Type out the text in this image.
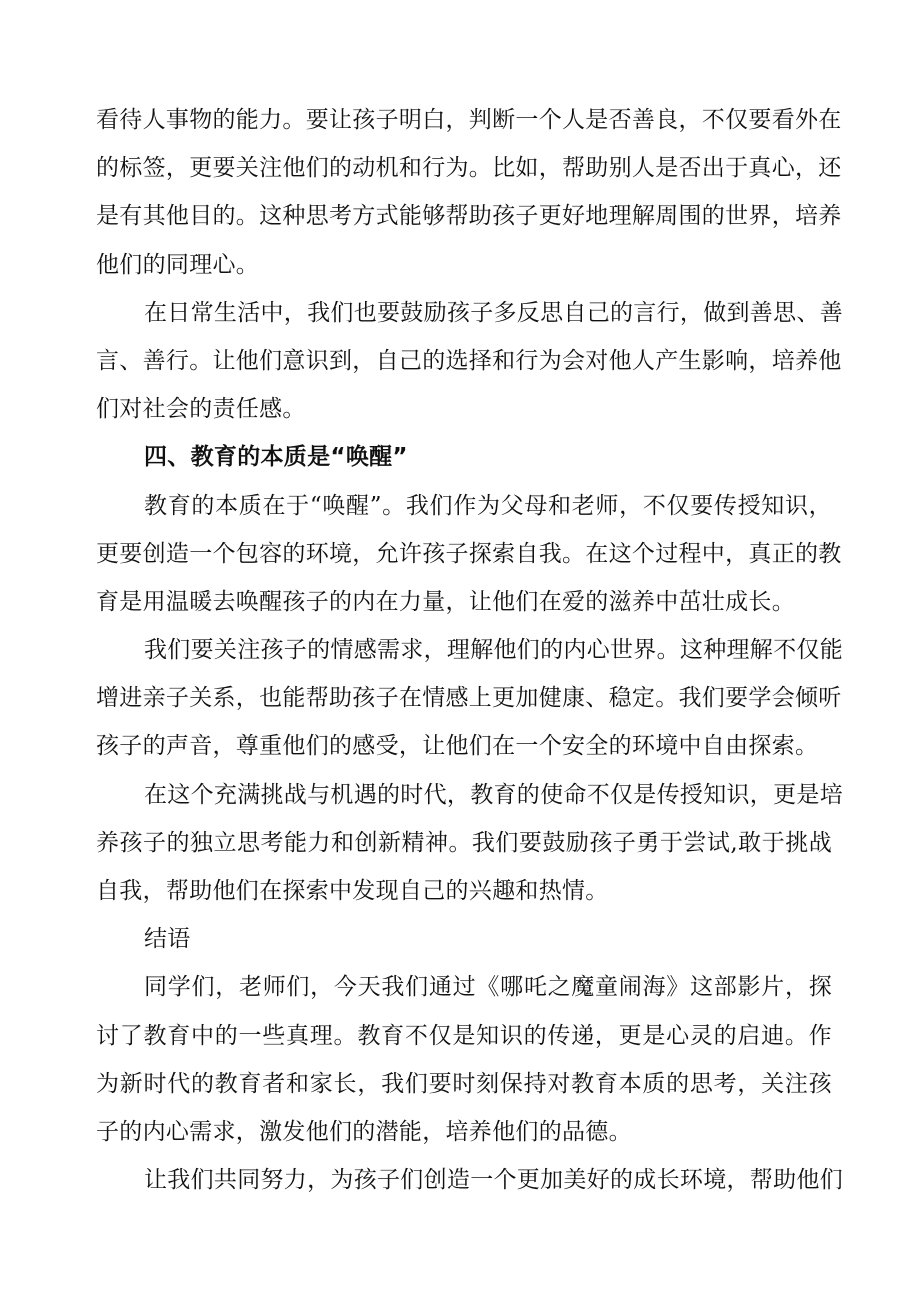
看待人事物的能力。要让孩子明白，判断一个人是否善良，不仅要看外在
的标签，更要关注他们的动机和行为。比如，帮助别人是否出于真心，还
是有其他目的。这种思考方式能够帮助孩子更好地理解周围的世界，培养
他们的同理心。
在日常生活中，我们也要鼓励孩子多反思自己的言行，做到善思、善
言、善行。让他们意识到，自己的选择和行为会对他人产生影响，培养他
们对社会的责任感。
四、教育的本质是“唤醒”
教育的本质在于“唤醒”。我们作为父母和老师，不仅要传授知识，
更要创造一个包容的环境，允许孩子探索自我。在这个过程中，真正的教
育是用温暖去唤醒孩子的内在力量，让他们在爱的滋养中茁壮成长。
我们要关注孩子的情感需求，理解他们的内心世界。这种理解不仅能
增进亲子关系，也能帮助孩子在情感上更加健康、稳定。我们要学会倾听
孩子的声音，尊重他们的感受，让他们在一个安全的环境中自由探索。
在这个充满挑战与机遇的时代，教育的使命不仅是传授知识，更是培
养孩子的独立思考能力和创新精神。我们要鼓励孩子勇于尝试,敢于挑战
自我，帮助他们在探索中发现自己的兴趣和热情。
结语
同学们，老师们，今天我们通过《哪吒之魔童闹海》这部影片，探
讨了教育中的一些真理。教育不仅是知识的传递，更是心灵的启迪。作
为新时代的教育者和家长，我们要时刻保持对教育本质的思考，关注孩
子的内心需求，激发他们的潜能，培养他们的品德。
让我们共同努力，为孩子们创造一个更加美好的成长环境，帮助他们
